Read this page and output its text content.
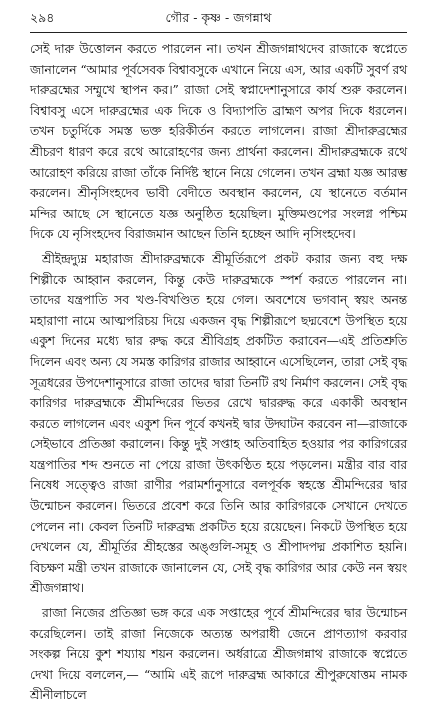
২৯৪	গৌর - কৃষ্ণ - জগন্নাথ

সেই দারু উত্তোলন করতে পারলেন না। তখন শ্রীজগন্নাথদেব রাজাকে স্বপ্নেতে জানালেন “আমার পূর্বসেবক বিশ্বাবসুকে এখানে নিয়ে এস, আর একটি সুবর্ণ রথ দারুব্রহ্মের সম্মুখে স্থাপন কর।” রাজা সেই স্বপ্নাদেশানুসারে কার্য শুরু করলেন। বিশ্বাবসু এসে দারুব্রহ্মের এক দিকে ও বিদ্যাপতি ব্রাহ্মণ অপর দিকে ধরলেন। তখন চতুর্দিকে সমস্ত ভক্ত হরিকীর্তন করতে লাগলেন। রাজা শ্রীদারুব্রহ্মের শ্রীচরণ ধারণ করে রথে আরোহণের জন্য প্রার্থনা করলেন। শ্রীদারুব্রহ্মকে রথে আরোহণ করিয়ে রাজা তাঁকে নির্দিষ্ট স্থানে নিয়ে গেলেন। তখন ব্রহ্মা যজ্ঞ আরম্ভ করলেন। শ্রীনৃসিংহদেব ভাবী বেদীতে অবস্থান করলেন, যে স্থানেতে বর্তমান মন্দির আছে সে স্থানেতে যজ্ঞ অনুষ্ঠিত হয়েছিল। মুক্তিমণ্ডপের সংলগ্ন পশ্চিম দিকে যে নৃসিংহদেব বিরাজমান আছেন তিনি হচ্ছেন আদি নৃসিংহদেব।

শ্রীইন্দ্রদ্যুম্ন মহারাজ শ্রীদারুব্রহ্মকে শ্রীমূর্তিরূপে প্রকট করার জন্য বহু দক্ষ শিল্পীকে আহ্বান করলেন, কিন্তু কেউ দারুব্রহ্মকে স্পর্শ করতে পারলেন না। তাদের যন্ত্রপাতি সব খণ্ড-বিখণ্ডিত হয়ে গেল। অবশেষে ভগবান্ স্বয়ং অনন্ত মহারাণা নামে আত্মপরিচয় দিয়ে একজন বৃদ্ধ শিল্পীরূপে ছদ্মবেশে উপস্থিত হয়ে একুশ দিনের মধ্যে দ্বার রুদ্ধ করে শ্রীবিগ্রহ প্রকটিত করাবেন—এই প্রতিশ্রুতি দিলেন এবং অন্য যে সমস্ত কারিগর রাজার আহ্বানে এসেছিলেন, তারা সেই বৃদ্ধ সূত্রধরের উপদেশানুসারে রাজা তাদের দ্বারা তিনটি রথ নির্মাণ করলেন। সেই বৃদ্ধ কারিগর দারুব্রহ্মকে শ্রীমন্দিরের ভিতর রেখে দ্বাররুদ্ধ করে একাকী অবস্থান করতে লাগলেন এবং একুশ দিন পূর্বে কখনই দ্বার উদ্ঘাটন করবেন না—রাজাকে সেইভাবে প্রতিজ্ঞা করালেন। কিন্তু দুই সপ্তাহ অতিবাহিত হওয়ার পর কারিগরের যন্ত্রপাতির শব্দ শুনতে না পেয়ে রাজা উৎকণ্ঠিত হয়ে পড়লেন। মন্ত্রীর বার বার নিষেধ সত্ত্বেও রাজা রাণীর পরামর্শানুসারে বলপূর্বক স্বহস্তে শ্রীমন্দিরের দ্বার উন্মোচন করলেন। ভিতরে প্রবেশ করে তিনি আর কারিগরকে সেখানে দেখতে পেলেন না। কেবল তিনটি দারুব্রহ্ম প্রকটিত হয়ে রয়েছেন। নিকটে উপস্থিত হয়ে দেখলেন যে, শ্রীমূর্তির শ্রীহস্তের অঙ্গুলি-সমূহ ও শ্রীপাদপদ্ম প্রকাশিত হয়নি। বিচক্ষণ মন্ত্রী তখন রাজাকে জানালেন যে, সেই বৃদ্ধ কারিগর আর কেউ নন স্বয়ং শ্রীজগন্নাথ।

রাজা নিজের প্রতিজ্ঞা ভঙ্গ করে এক সপ্তাহের পূর্বে শ্রীমন্দিরের দ্বার উন্মোচন করেছিলেন। তাই রাজা নিজেকে অত্যন্ত অপরাধী জেনে প্রাণত্যাগ করবার সংকল্প নিয়ে কুশ শয্যায় শয়ন করলেন। অর্ধরাত্রে শ্রীজগন্নাথ রাজাকে স্বপ্নেতে দেখা দিয়ে বললেন,— “আমি এই রূপে দারুব্রহ্ম আকারে শ্রীপুরুষোত্তম নামক শ্রীনীলাচলে
